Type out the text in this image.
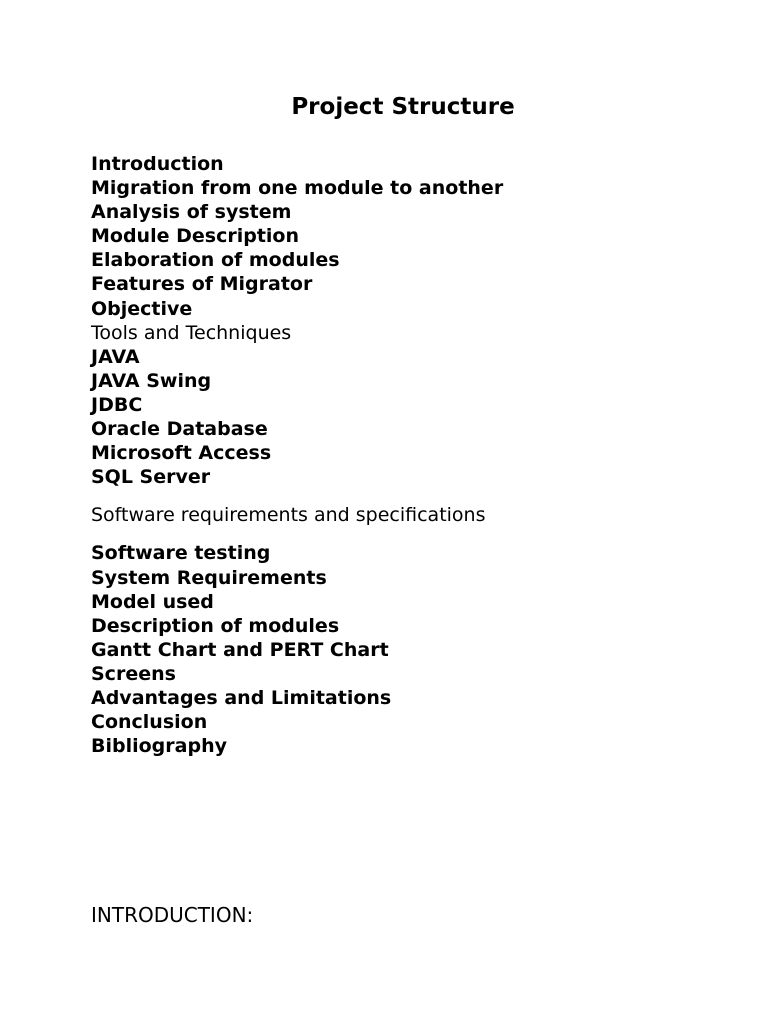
Project Structure
Introduction
Migration from one module to another
Analysis of system
Module Description
Elaboration of modules
Features of Migrator
Objective
Tools and Techniques
JAVA
JAVA Swing
JDBC
Oracle Database
Microsoft Access
SQL Server
Software requirements and specifications
Software testing
System Requirements
Model used
Description of modules
Gantt Chart and PERT Chart
Screens
Advantages and Limitations
Conclusion
Bibliography
INTRODUCTION:
